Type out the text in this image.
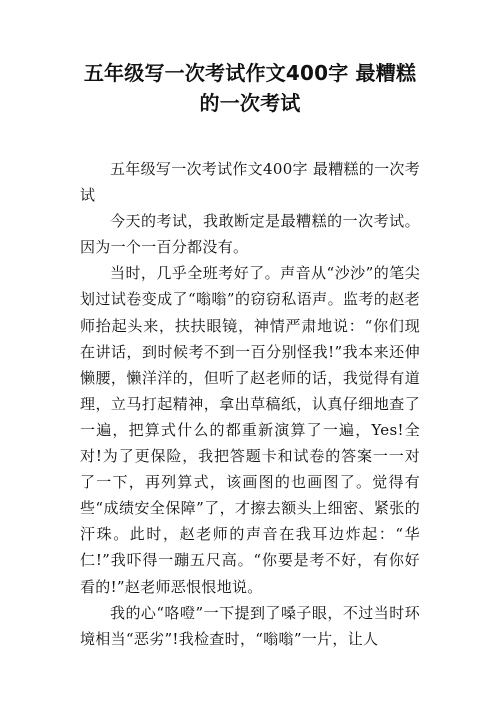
五年级写一次考试作文400字 最糟糕
的一次考试

五年级写一次考试作文400字 最糟糕的一次考试

今天的考试，我敢断定是最糟糕的一次考试。因为一个一百分都没有。

当时，几乎全班考好了。声音从“沙沙”的笔尖划过试卷变成了“嗡嗡”的窃窃私语声。监考的赵老师抬起头来，扶扶眼镜，神情严肃地说：“你们现在讲话，到时候考不到一百分别怪我!”我本来还伸懒腰，懒洋洋的，但听了赵老师的话，我觉得有道理，立马打起精神，拿出草稿纸，认真仔细地查了一遍，把算式什么的都重新演算了一遍，Yes!全对!为了更保险，我把答题卡和试卷的答案一一对了一下，再列算式，该画图的也画图了。觉得有些“成绩安全保障”了，才擦去额头上细密、紧张的汗珠。此时，赵老师的声音在我耳边炸起：“华仁!”我吓得一蹦五尺高。“你要是考不好，有你好看的!”赵老师恶恨恨地说。

我的心“咯噔”一下提到了嗓子眼，不过当时环境相当“恶劣”!我检查时，“嗡嗡”一片，让人
